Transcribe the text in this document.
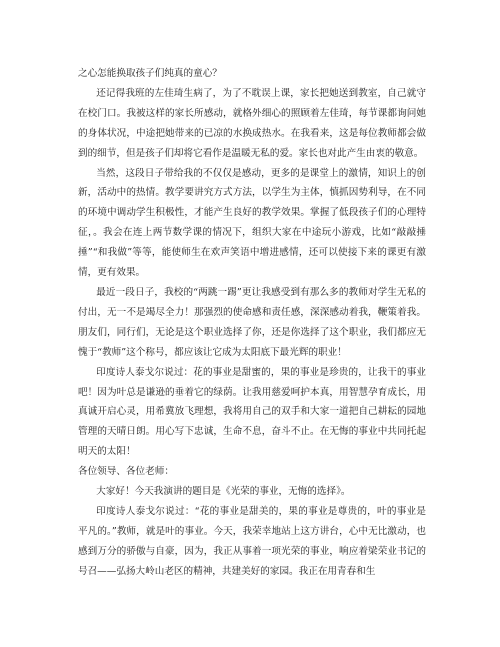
之心怎能换取孩子们纯真的童心？

还记得我班的左佳琦生病了，为了不耽误上课，家长把她送到教室，自己就守在校门口。我被这样的家长所感动，就格外细心的照顾着左佳琦，每节课都询问她的身体状况，中途把她带来的已凉的水换成热水。在我看来，这是每位教师都会做到的细节，但是孩子们却将它看作是温暖无私的爱。家长也对此产生由衷的敬意。

当然，这段日子带给我的不仅仅是感动，更多的是课堂上的激情，知识上的创新，活动中的热情。教学要讲究方式方法，以学生为主体，慎抓因势利导，在不同的环境中调动学生积极性，才能产生良好的教学效果。掌握了低段孩子们的心理特征，。我会在连上两节数学课的情况下，组织大家在中途玩小游戏，比如“敲敲捶捶”“和我做”等等，能使师生在欢声笑语中增进感情，还可以使接下来的课更有激情，更有效果。

最近一段日子，我校的“两跳一踢”更让我感受到有那么多的教师对学生无私的付出，无一不是竭尽全力！那强烈的使命感和责任感，深深感动着我，鞭策着我。朋友们，同行们，无论是这个职业选择了你，还是你选择了这个职业，我们都应无愧于“教师”这个称号，都应该让它成为太阳底下最光辉的职业！

印度诗人泰戈尔说过：花的事业是甜蜜的，果的事业是珍贵的，让我干的事业吧！因为叶总是谦逊的垂着它的绿荫。让我用慈爱呵护本真，用智慧孕育成长，用真诚开启心灵，用希冀放飞理想，我将用自己的双手和大家一道把自己耕耘的园地管理的天晴日朗。用心写下忠诚，生命不息，奋斗不止。在无悔的事业中共同托起明天的太阳！

各位领导、各位老师：

大家好！今天我演讲的题目是《光荣的事业，无悔的选择》。

印度诗人泰戈尔说过：“花的事业是甜美的，果的事业是尊贵的，叶的事业是平凡的。”教师，就是叶的事业。今天，我荣幸地站上这方讲台，心中无比激动，也感到万分的骄傲与自豪，因为，我正从事着一项光荣的事业，响应着梁荣业书记的号召——弘扬大岭山老区的精神，共建美好的家园。我正在用青春和生
